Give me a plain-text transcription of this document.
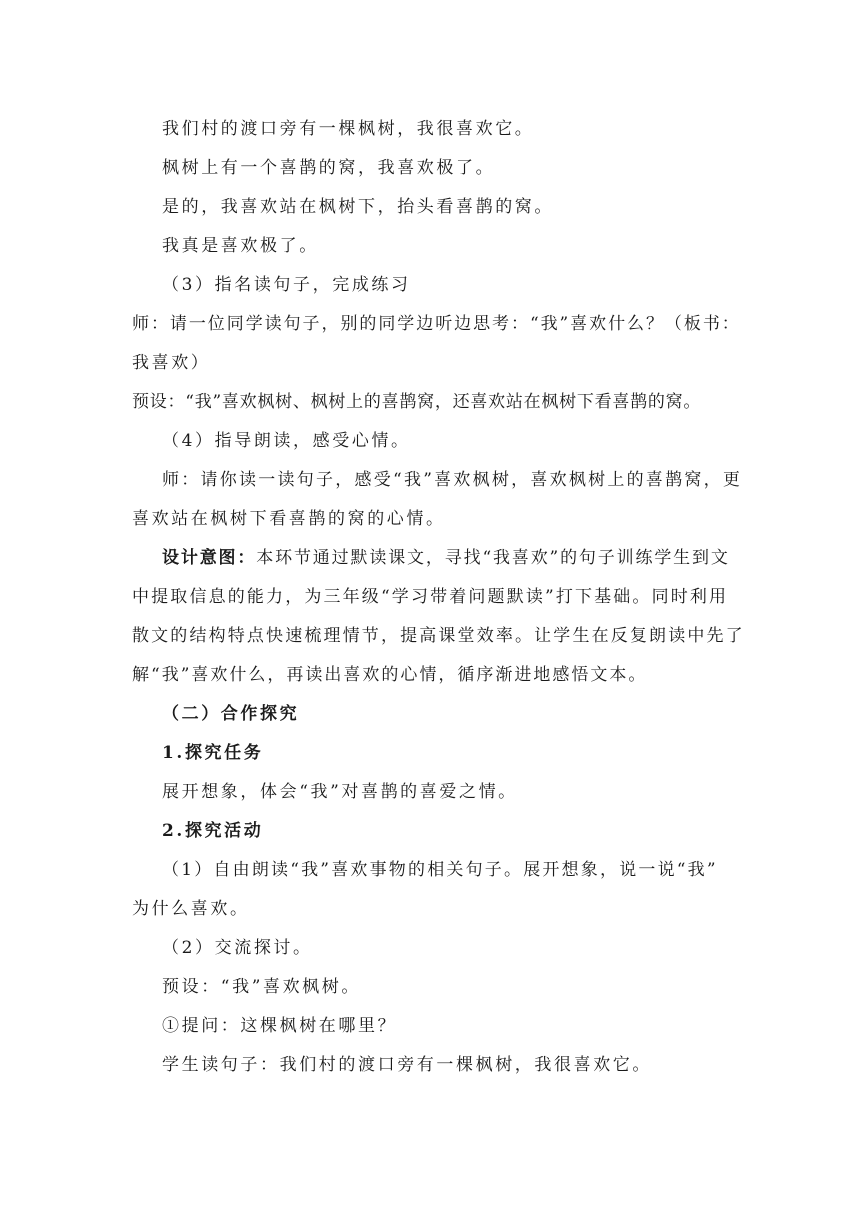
我们村的渡口旁有一棵枫树，我很喜欢它。
枫树上有一个喜鹊的窝，我喜欢极了。
是的，我喜欢站在枫树下，抬头看喜鹊的窝。
我真是喜欢极了。
（3）指名读句子，完成练习
师：请一位同学读句子，别的同学边听边思考：“我”喜欢什么？（板书：
我喜欢）
预设：“我”喜欢枫树、枫树上的喜鹊窝，还喜欢站在枫树下看喜鹊的窝。
（4）指导朗读，感受心情。
师：请你读一读句子，感受“我”喜欢枫树，喜欢枫树上的喜鹊窝，更
喜欢站在枫树下看喜鹊的窝的心情。
设计意图：本环节通过默读课文，寻找“我喜欢”的句子训练学生到文
中提取信息的能力，为三年级“学习带着问题默读”打下基础。同时利用
散文的结构特点快速梳理情节，提高课堂效率。让学生在反复朗读中先了
解“我”喜欢什么，再读出喜欢的心情，循序渐进地感悟文本。
（二）合作探究
1.探究任务
展开想象，体会“我”对喜鹊的喜爱之情。
2.探究活动
（1）自由朗读“我”喜欢事物的相关句子。展开想象，说一说“我”
为什么喜欢。
（2）交流探讨。
预设：“我”喜欢枫树。
①提问：这棵枫树在哪里？
学生读句子：我们村的渡口旁有一棵枫树，我很喜欢它。
